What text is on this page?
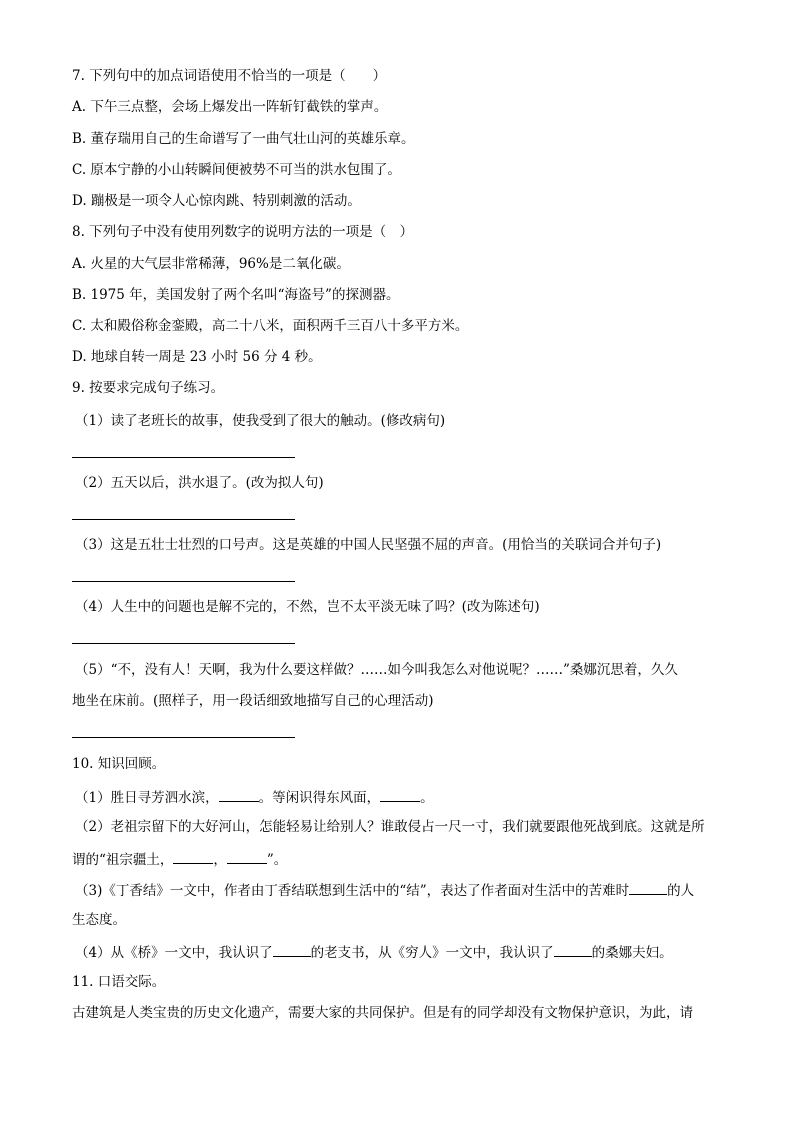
7. 下列句中的加点词语使用不恰当的一项是（　　）
A. 下午三点整，会场上爆发出一阵斩钉截铁的掌声。
B. 董存瑞用自己的生命谱写了一曲气壮山河的英雄乐章。
C. 原本宁静的小山转瞬间便被势不可当的洪水包围了。
D. 蹦极是一项令人心惊肉跳、特别刺激的活动。
8. 下列句子中没有使用列数字的说明方法的一项是（　）
A. 火星的大气层非常稀薄，96%是二氧化碳。
B. 1975 年，美国发射了两个名叫“海盗号”的探测器。
C. 太和殿俗称金銮殿，高二十八米，面积两千三百八十多平方米。
D. 地球自转一周是 23 小时 56 分 4 秒。
9. 按要求完成句子练习。
（1）读了老班长的故事，使我受到了很大的触动。(修改病句)
（2）五天以后，洪水退了。(改为拟人句)
（3）这是五壮士壮烈的口号声。这是英雄的中国人民坚强不屈的声音。(用恰当的关联词合并句子)
（4）人生中的问题也是解不完的，不然，岂不太平淡无味了吗？(改为陈述句)
（5）“不，没有人！天啊，我为什么要这样做？……如今叫我怎么对他说呢？……”桑娜沉思着，久久
地坐在床前。(照样子，用一段话细致地描写自己的心理活动)
10. 知识回顾。
（1）胜日寻芳泗水滨，	。等闲识得东风面，	。
（2）老祖宗留下的大好河山，怎能轻易让给别人？谁敢侵占一尺一寸，我们就要跟他死战到底。这就是所
谓的“祖宗疆土，	，	”。
（3)《丁香结》一文中，作者由丁香结联想到生活中的“结”，表达了作者面对生活中的苦难时	的人
生态度。
（4）从《桥》一文中，我认识了	的老支书，从《穷人》一文中，我认识了	的桑娜夫妇。
11. 口语交际。
古建筑是人类宝贵的历史文化遗产，需要大家的共同保护。但是有的同学却没有文物保护意识，为此，请
